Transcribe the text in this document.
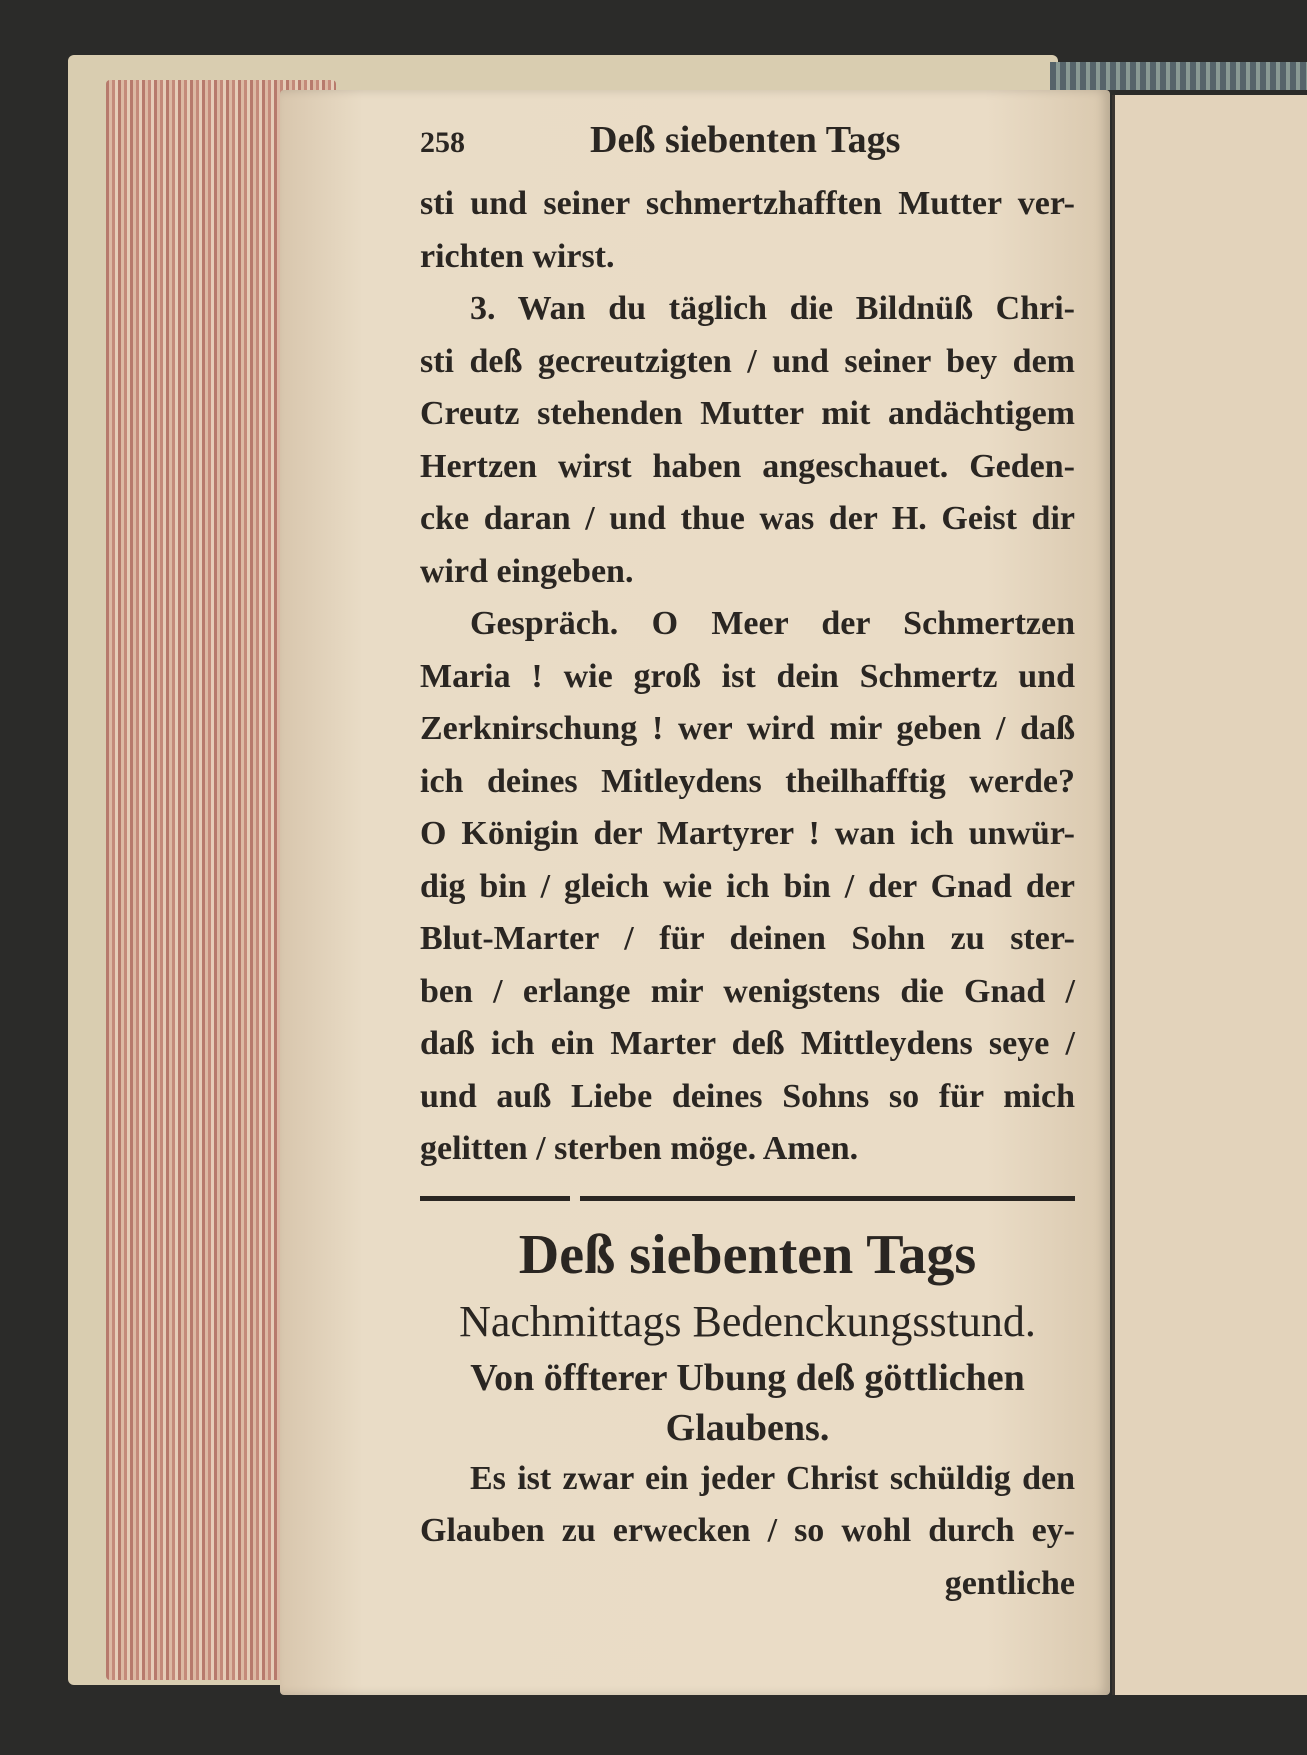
258	Deß siebenten Tags
sti und seiner schmertzhafften Mutter ver-
richten wirst.
3. Wan du täglich die Bildnüß Chri-
sti deß gecreutzigten / und seiner bey dem
Creutz stehenden Mutter mit andächtigem
Hertzen wirst haben angeschauet. Geden-
cke daran / und thue was der H. Geist dir
wird eingeben.
Gespräch. O Meer der Schmertzen
Maria ! wie groß ist dein Schmertz und
Zerknirschung ! wer wird mir geben / daß
ich deines Mitleydens theilhafftig werde?
O Königin der Martyrer ! wan ich unwür-
dig bin / gleich wie ich bin / der Gnad der
Blut-Marter / für deinen Sohn zu ster-
ben / erlange mir wenigstens die Gnad /
daß ich ein Marter deß Mittleydens seye /
und auß Liebe deines Sohns so für mich
gelitten / sterben möge. Amen.
Deß siebenten Tags
Nachmittags Bedenckungsstund.
Von öffterer Ubung deß göttlichen
Glaubens.
Es ist zwar ein jeder Christ schüldig den
Glauben zu erwecken / so wohl durch ey-
gentliche
